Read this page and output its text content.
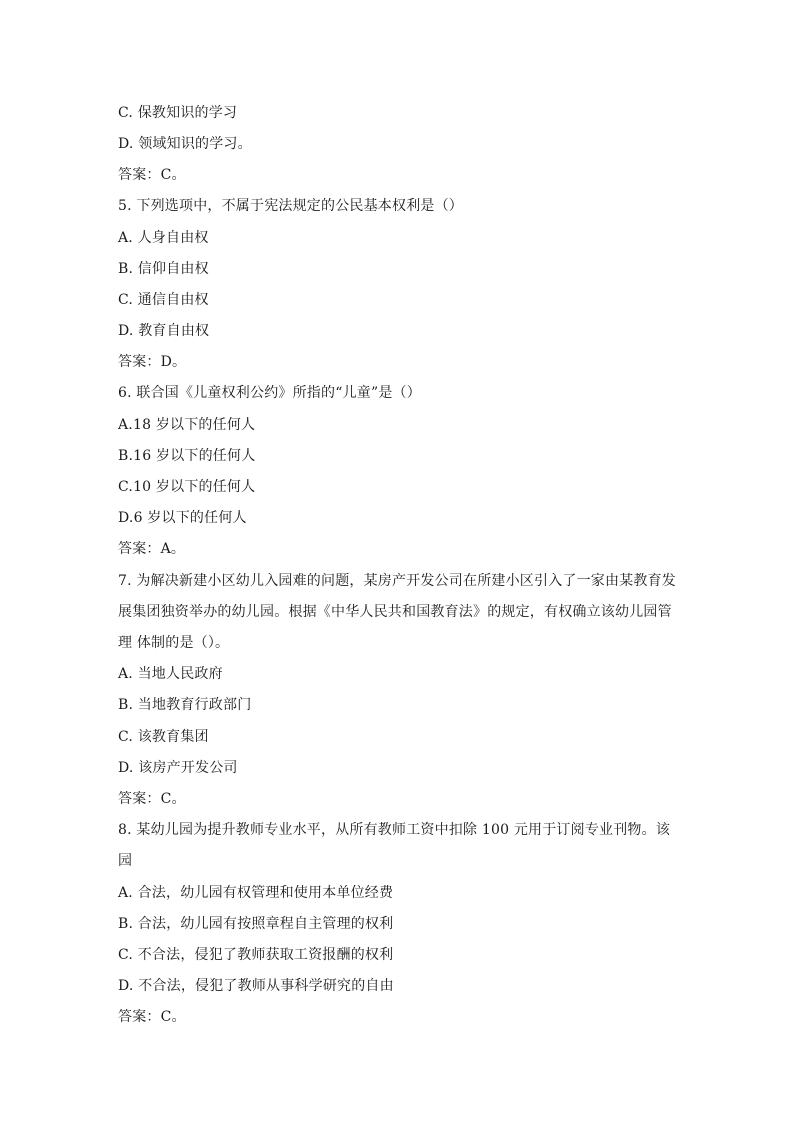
C. 保教知识的学习
D. 领域知识的学习。
答案：C。
5. 下列选项中，不属于宪法规定的公民基本权利是（）
A. 人身自由权
B. 信仰自由权
C. 通信自由权
D. 教育自由权
答案：D。
6. 联合国《儿童权利公约》所指的“儿童”是（）
A.18 岁以下的任何人
B.16 岁以下的任何人
C.10 岁以下的任何人
D.6 岁以下的任何人
答案：A。
7. 为解决新建小区幼儿入园难的问题，某房产开发公司在所建小区引入了一家由某教育发
展集团独资举办的幼儿园。根据《中华人民共和国教育法》的规定，有权确立该幼儿园管
理 体制的是（）。
A. 当地人民政府
B. 当地教育行政部门
C. 该教育集团
D. 该房产开发公司
答案：C。
8. 某幼儿园为提升教师专业水平，从所有教师工资中扣除 100 元用于订阅专业刊物。该
园
A. 合法，幼儿园有权管理和使用本单位经费
B. 合法，幼儿园有按照章程自主管理的权利
C. 不合法，侵犯了教师获取工资报酬的权利
D. 不合法，侵犯了教师从事科学研究的自由
答案：C。
